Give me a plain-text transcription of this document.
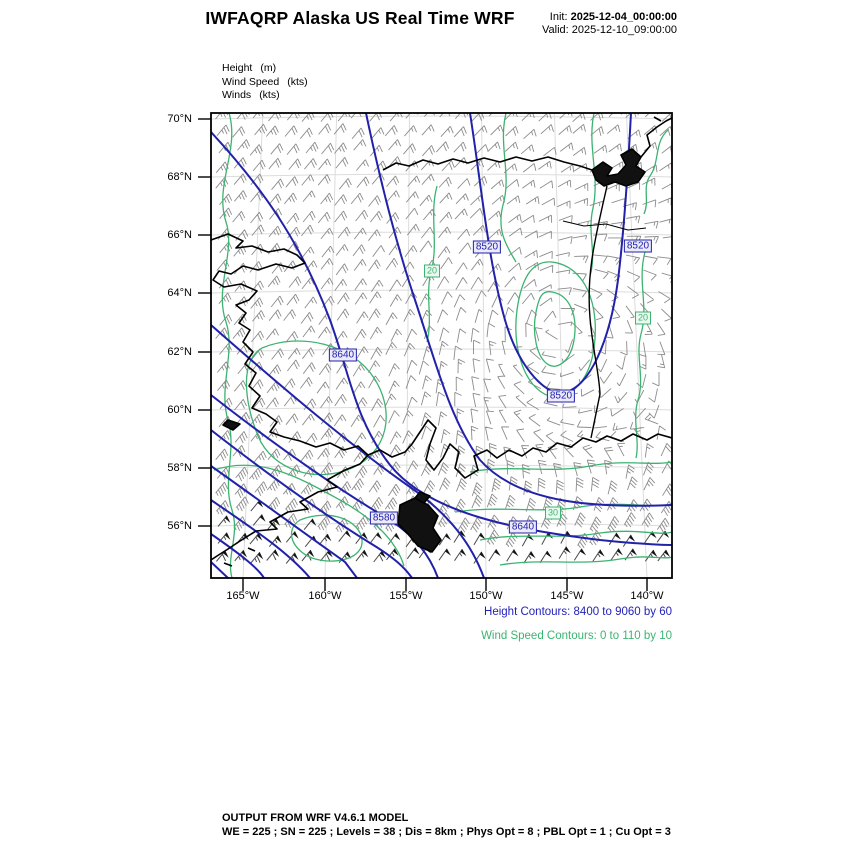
IWFAQRP Alaska US Real Time WRF	Init: 2025-12-04_00:00:00
Valid: 2025-12-10_09:00:00
Height (m)
Wind Speed (kts)
Winds (kts)
70°N
68°N
66°N
64°N
62°N
60°N
58°N
56°N
165°W	160°W	155°W	150°W	145°W	140°W
8520	8520
8640
8520
8580
8640
20
20
30
Height Contours: 8400 to 9060 by 60
Wind Speed Contours: 0 to 110 by 10
OUTPUT FROM WRF V4.6.1 MODEL
WE = 225 ; SN = 225 ; Levels = 38 ; Dis = 8km ; Phys Opt = 8 ; PBL Opt = 1 ; Cu Opt = 3
